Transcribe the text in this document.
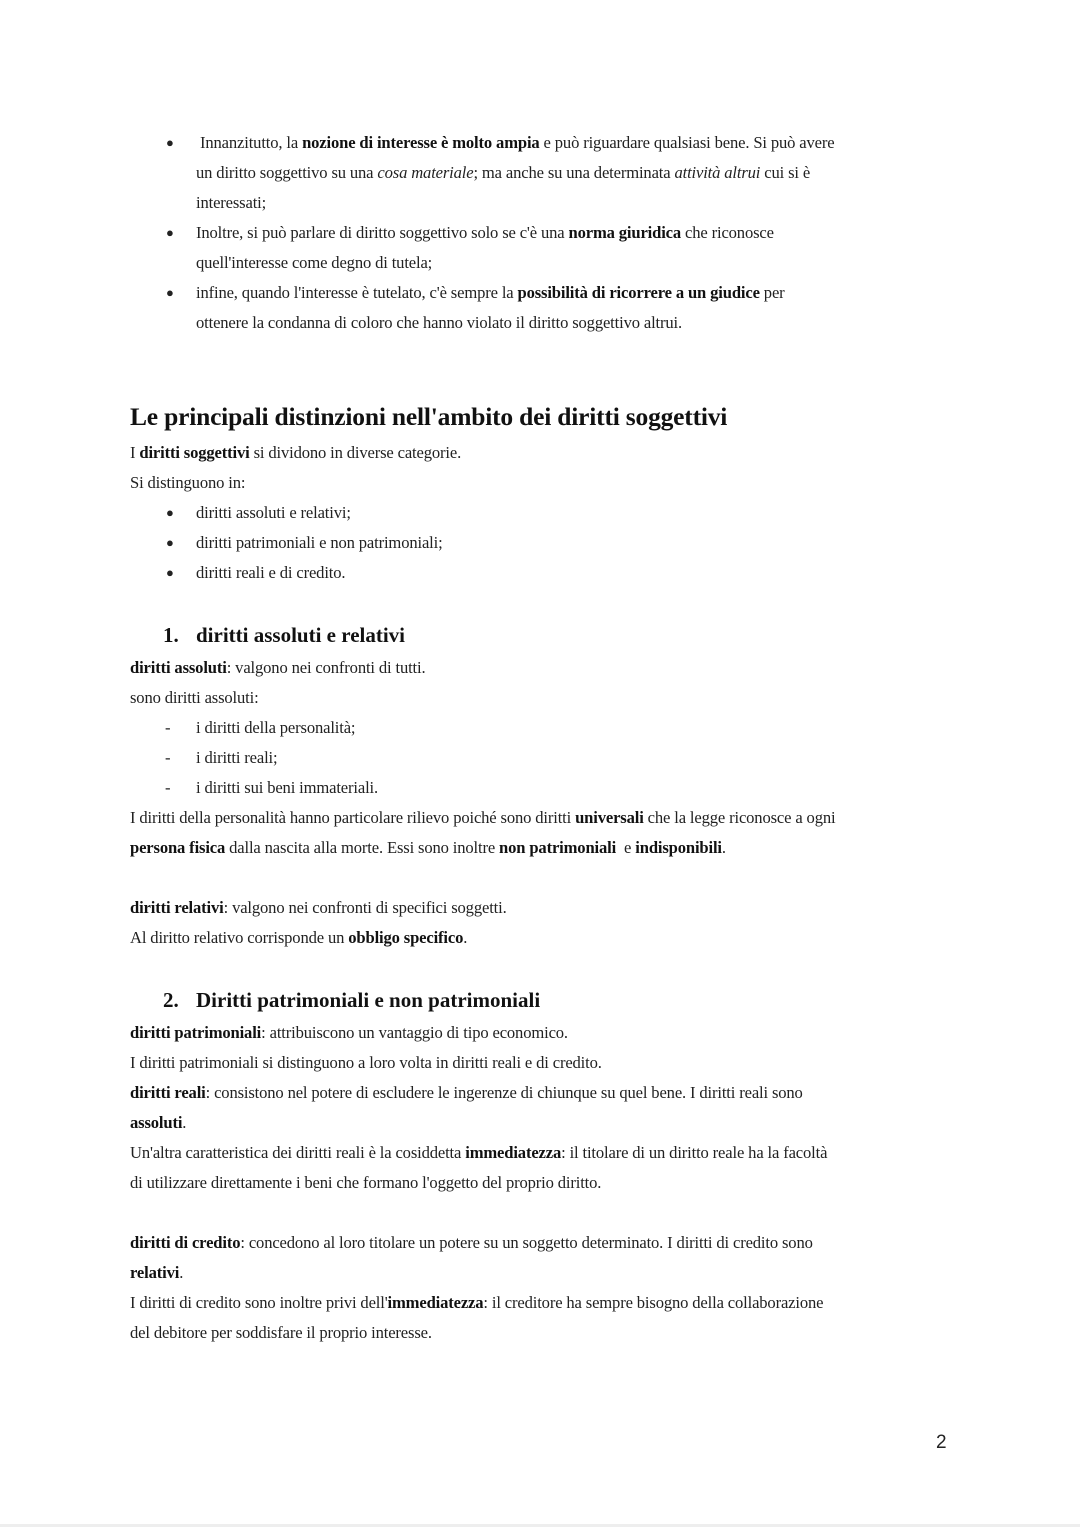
● Innanzitutto, la nozione di interesse è molto ampia e può riguardare qualsiasi bene. Si può avere
un diritto soggettivo su una cosa materiale; ma anche su una determinata attività altrui cui si è
interessati;
● Inoltre, si può parlare di diritto soggettivo solo se c'è una norma giuridica che riconosce
quell'interesse come degno di tutela;
● infine, quando l'interesse è tutelato, c'è sempre la possibilità di ricorrere a un giudice per
ottenere la condanna di coloro che hanno violato il diritto soggettivo altrui.
Le principali distinzioni nell'ambito dei diritti soggettivi
I diritti soggettivi si dividono in diverse categorie.
Si distinguono in:
● diritti assoluti e relativi;
● diritti patrimoniali e non patrimoniali;
● diritti reali e di credito.
1. diritti assoluti e relativi
diritti assoluti: valgono nei confronti di tutti.
sono diritti assoluti:
- i diritti della personalità;
- i diritti reali;
- i diritti sui beni immateriali.
I diritti della personalità hanno particolare rilievo poiché sono diritti universali che la legge riconosce a ogni
persona fisica dalla nascita alla morte. Essi sono inoltre non patrimoniali  e indisponibili.
diritti relativi: valgono nei confronti di specifici soggetti.
Al diritto relativo corrisponde un obbligo specifico.
2. Diritti patrimoniali e non patrimoniali
diritti patrimoniali: attribuiscono un vantaggio di tipo economico.
I diritti patrimoniali si distinguono a loro volta in diritti reali e di credito.
diritti reali: consistono nel potere di escludere le ingerenze di chiunque su quel bene. I diritti reali sono
assoluti.
Un'altra caratteristica dei diritti reali è la cosiddetta immediatezza: il titolare di un diritto reale ha la facoltà
di utilizzare direttamente i beni che formano l'oggetto del proprio diritto.
diritti di credito: concedono al loro titolare un potere su un soggetto determinato. I diritti di credito sono
relativi.
I diritti di credito sono inoltre privi dell'immediatezza: il creditore ha sempre bisogno della collaborazione
del debitore per soddisfare il proprio interesse.
2
